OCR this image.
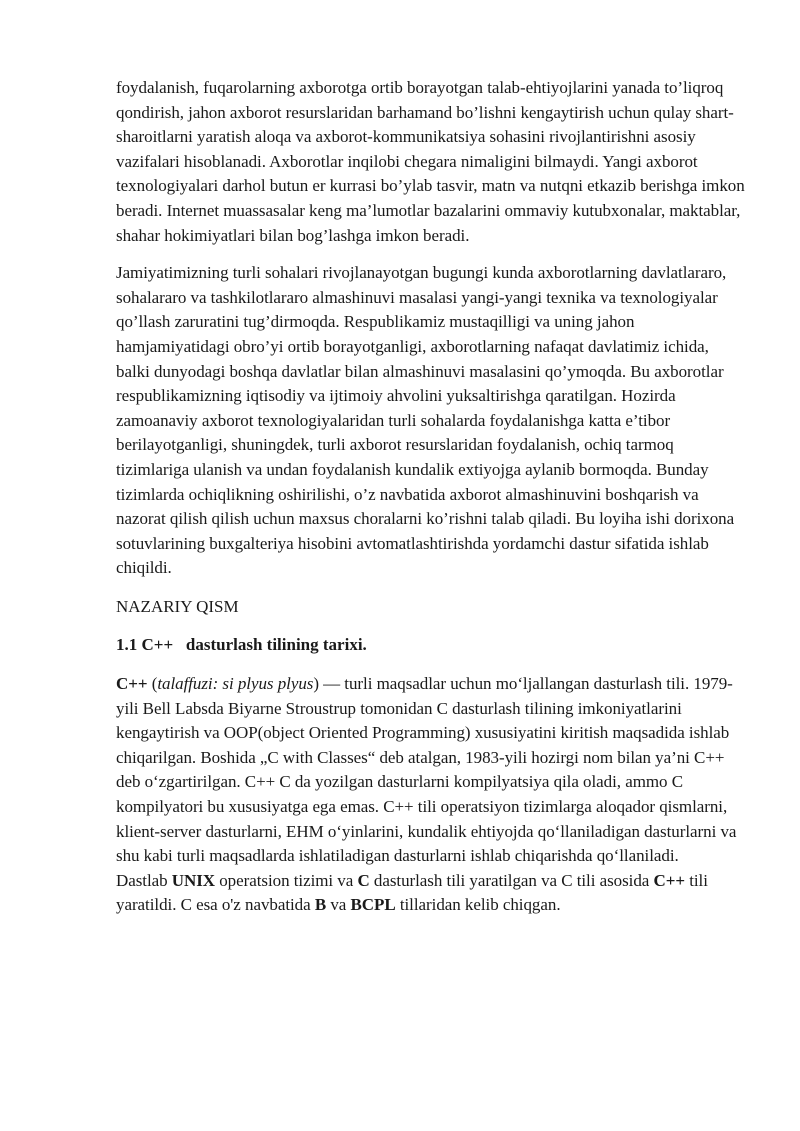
foydalanish, fuqarolarning axborotga ortib borayotgan talab-ehtiyojlarini yanada to’liqroq qondirish, jahon axborot resurslaridan barhamand bo’lishni kengaytirish uchun qulay shart-sharoitlarni yaratish aloqa va axborot-kommunikatsiya sohasini rivojlantirishni asosiy vazifalari hisoblanadi. Axborotlar inqilobi chegara nimaligini bilmaydi. Yangi axborot texnologiyalari darhol butun er kurrasi bo’ylab tasvir, matn va nutqni etkazib berishga imkon beradi. Internet muassasalar keng ma’lumotlar bazalarini ommaviy kutubxonalar, maktablar, shahar hokimiyatlari bilan bog’lashga imkon beradi.

Jamiyatimizning turli sohalari rivojlanayotgan bugungi kunda axborotlarning davlatlararo, sohalararo va tashkilotlararo almashinuvi masalasi yangi-yangi texnika va texnologiyalar qo’llash zaruratini tug’dirmoqda. Respublikamiz mustaqilligi va uning jahon hamjamiyatidagi obro’yi ortib borayotganligi, axborotlarning nafaqat davlatimiz ichida, balki dunyodagi boshqa davlatlar bilan almashinuvi masalasini qo’ymoqda. Bu axborotlar respublikamizning iqtisodiy va ijtimoiy ahvolini yuksaltirishga qaratilgan. Hozirda zamoanaviy axborot texnologiyalaridan turli sohalarda foydalanishga katta e’tibor berilayotganligi, shuningdek, turli axborot resurslaridan foydalanish, ochiq tarmoq tizimlariga ulanish va undan foydalanish kundalik extiyojga aylanib bormoqda. Bunday tizimlarda ochiqlikning oshirilishi, o’z navbatida axborot almashinuvini boshqarish va nazorat qilish qilish uchun maxsus choralarni ko’rishni talab qiladi. Bu loyiha ishi dorixona sotuvlarining buxgalteriya hisobini avtomatlashtirishda yordamchi dastur sifatida ishlab chiqildi.

NAZARIY QISM

1.1 C++   dasturlash tilining tarixi.

C++ (talaffuzi: si plyus plyus) — turli maqsadlar uchun mo‘ljallangan dasturlash tili. 1979-yili Bell Labsda Biyarne Stroustrup tomonidan C dasturlash tilining imkoniyatlarini kengaytirish va OOP(object Oriented Programming) xususiyatini kiritish maqsadida ishlab chiqarilgan. Boshida „C with Classes“ deb atalgan, 1983-yili hozirgi nom bilan ya’ni C++ deb o‘zgartirilgan. C++ C da yozilgan dasturlarni kompilyatsiya qila oladi, ammo C kompilyatori bu xususiyatga ega emas. C++ tili operatsiyon tizimlarga aloqador qismlarni, klient-server dasturlarni, EHM o‘yinlarini, kundalik ehtiyojda qo‘llaniladigan dasturlarni va shu kabi turli maqsadlarda ishlatiladigan dasturlarni ishlab chiqarishda qo‘llaniladi.

Dastlab UNIX operatsion tizimi va C dasturlash tili yaratilgan va C tili asosida C++ tili yaratildi. C esa o'z navbatida B va BCPL tillaridan kelib chiqgan.
